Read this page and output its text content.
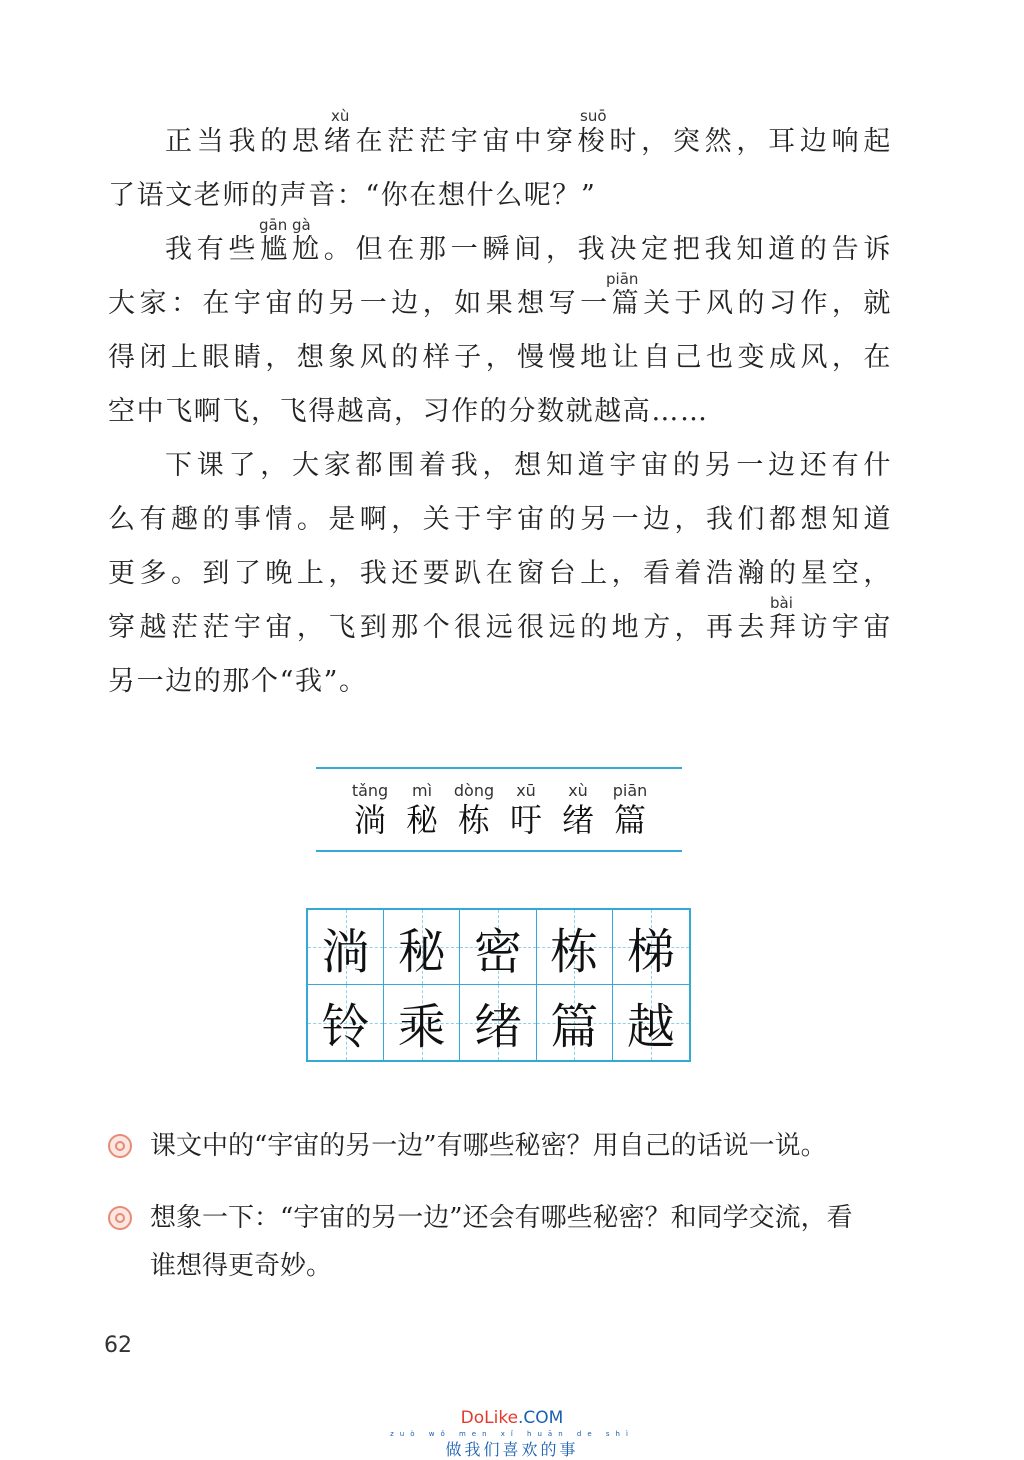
xù	suō
gān gà
piān
bài
正当我的思绪在茫茫宇宙中穿梭时，突然，耳边响起
了语文老师的声音：“你在想什么呢？”
我有些尴尬。但在那一瞬间，我决定把我知道的告诉
大家：在宇宙的另一边，如果想写一篇关于风的习作，就
得闭上眼睛，想象风的样子，慢慢地让自己也变成风，在
空中飞啊飞，飞得越高，习作的分数就越高……
下课了，大家都围着我，想知道宇宙的另一边还有什
么有趣的事情。是啊，关于宇宙的另一边，我们都想知道
更多。到了晚上，我还要趴在窗台上，看着浩瀚的星空，
穿越茫茫宇宙，飞到那个很远很远的地方，再去拜访宇宙
另一边的那个“我”。
tǎng
淌
mì
秘
dòng
栋
xū
吁
xù
绪
piān
篇
淌 秘 密 栋 梯
铃 乘 绪 篇 越
课文中的“宇宙的另一边”有哪些秘密？用自己的话说一说。
想象一下：“宇宙的另一边”还会有哪些秘密？和同学交流，看
谁想得更奇妙。
62
DoLike.COM
zuò wǒ men xǐ huān de shì
做我们喜欢的事
